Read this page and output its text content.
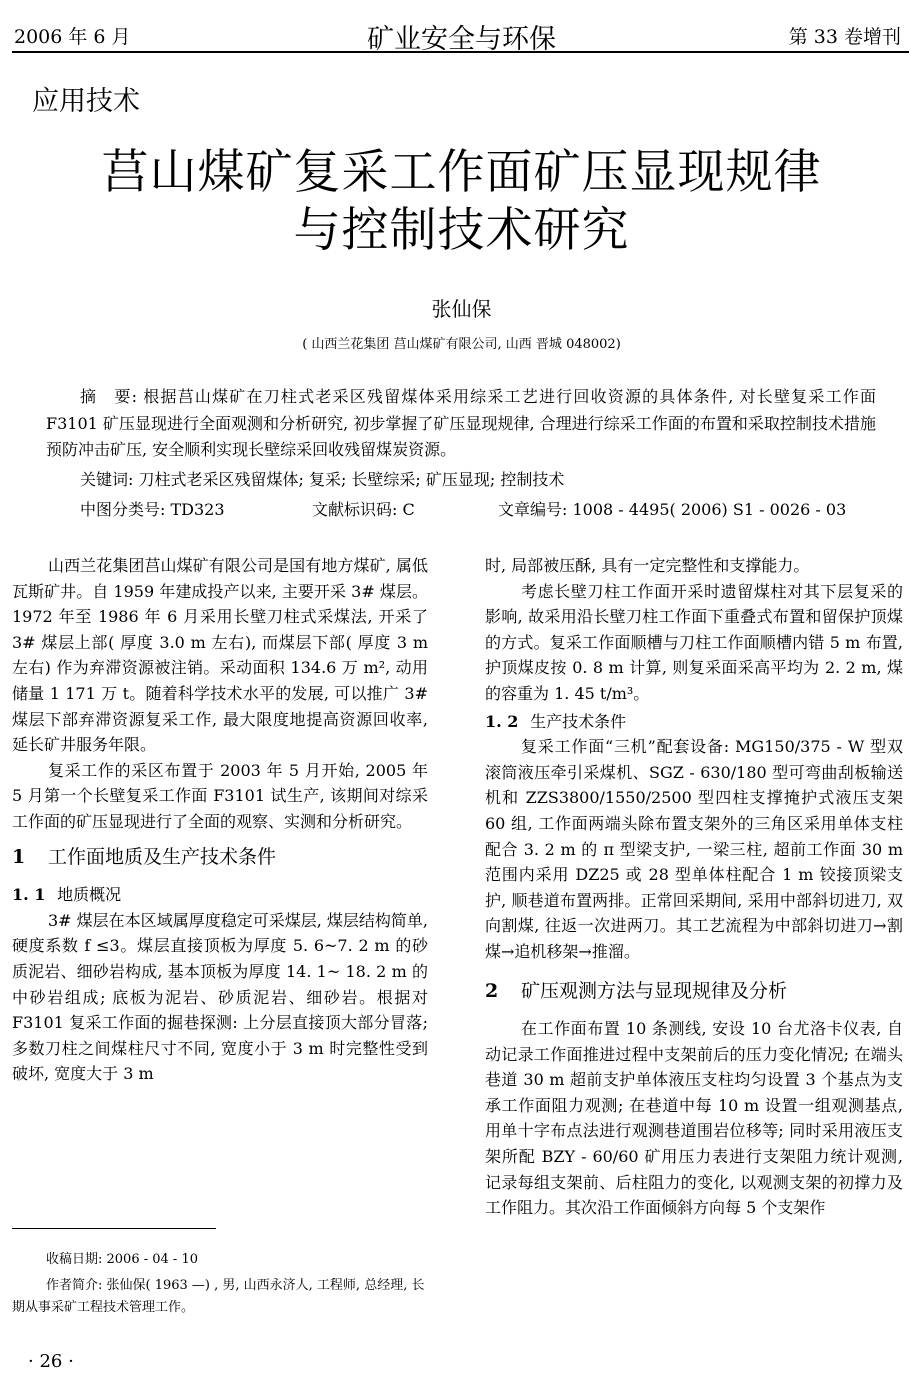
2006 年 6 月	矿业安全与环保	第 33 卷增刊
应用技术
莒山煤矿复采工作面矿压显现规律
与控制技术研究
张仙保
( 山西兰花集团 莒山煤矿有限公司, 山西 晋城 048002)

摘　要: 根据莒山煤矿在刀柱式老采区残留煤体采用综采工艺进行回收资源的具体条件, 对长壁复采工作面 F3101 矿压显现进行全面观测和分析研究, 初步掌握了矿压显现规律, 合理进行综采工作面的布置和采取控制技术措施预防冲击矿压, 安全顺利实现长壁综采回收残留煤炭资源。

关键词: 刀柱式老采区残留煤体; 复采; 长壁综采; 矿压显现; 控制技术
中图分类号: TD323	文献标识码: C	文章编号: 1008 - 4495( 2006) S1 - 0026 - 03

山西兰花集团莒山煤矿有限公司是国有地方煤矿, 属低瓦斯矿井。自 1959 年建成投产以来, 主要开采 3# 煤层。1972 年至 1986 年 6 月采用长壁刀柱式采煤法, 开采了 3# 煤层上部( 厚度 3.0 m 左右), 而煤层下部( 厚度 3 m 左右) 作为弃滞资源被注销。采动面积 134.6 万 m², 动用储量 1 171 万 t。随着科学技术水平的发展, 可以推广 3# 煤层下部弃滞资源复采工作, 最大限度地提高资源回收率, 延长矿井服务年限。

复采工作的采区布置于 2003 年 5 月开始, 2005 年 5 月第一个长壁复采工作面 F3101 试生产, 该期间对综采工作面的矿压显现进行了全面的观察、实测和分析研究。

1 工作面地质及生产技术条件
1. 1 地质概况

3# 煤层在本区域属厚度稳定可采煤层, 煤层结构简单, 硬度系数 f ≤3。煤层直接顶板为厚度 5. 6~7. 2 m 的砂质泥岩、细砂岩构成, 基本顶板为厚度 14. 1~ 18. 2 m 的中砂岩组成; 底板为泥岩、砂质泥岩、细砂岩。根据对 F3101 复采工作面的掘巷探测: 上分层直接顶大部分冒落; 多数刀柱之间煤柱尺寸不同, 宽度小于 3 m 时完整性受到破坏, 宽度大于 3 m

时, 局部被压酥, 具有一定完整性和支撑能力。

考虑长壁刀柱工作面开采时遗留煤柱对其下层复采的影响, 故采用沿长壁刀柱工作面下重叠式布置和留保护顶煤的方式。复采工作面顺槽与刀柱工作面顺槽内错 5 m 布置, 护顶煤皮按 0. 8 m 计算, 则复采面采高平均为 2. 2 m, 煤的容重为 1. 45 t/m³。

1. 2 生产技术条件

复采工作面“三机”配套设备: MG150/375 - W 型双滚筒液压牵引采煤机、SGZ - 630/180 型可弯曲刮板输送机和 ZZS3800/1550/2500 型四柱支撑掩护式液压支架 60 组, 工作面两端头除布置支架外的三角区采用单体支柱配合 3. 2 m 的 π 型梁支护, 一梁三柱, 超前工作面 30 m 范围内采用 DZ25 或 28 型单体柱配合 1 m 铰接顶梁支护, 顺巷道布置两排。正常回采期间, 采用中部斜切进刀, 双向割煤, 往返一次进两刀。其工艺流程为中部斜切进刀→割煤→追机移架→推溜。

2 矿压观测方法与显现规律及分析

在工作面布置 10 条测线, 安设 10 台尤洛卡仪表, 自动记录工作面推进过程中支架前后的压力变化情况; 在端头巷道 30 m 超前支护单体液压支柱均匀设置 3 个基点为支承工作面阻力观测; 在巷道中每 10 m 设置一组观测基点, 用单十字布点法进行观测巷道围岩位移等; 同时采用液压支架所配 BZY - 60/60 矿用压力表进行支架阻力统计观测, 记录每组支架前、后柱阻力的变化, 以观测支架的初撑力及工作阻力。其次沿工作面倾斜方向每 5 个支架作

收稿日期: 2006 - 04 - 10

作者简介: 张仙保( 1963 —) , 男, 山西永济人, 工程师, 总经理, 长期从事采矿工程技术管理工作。

· 26 ·
